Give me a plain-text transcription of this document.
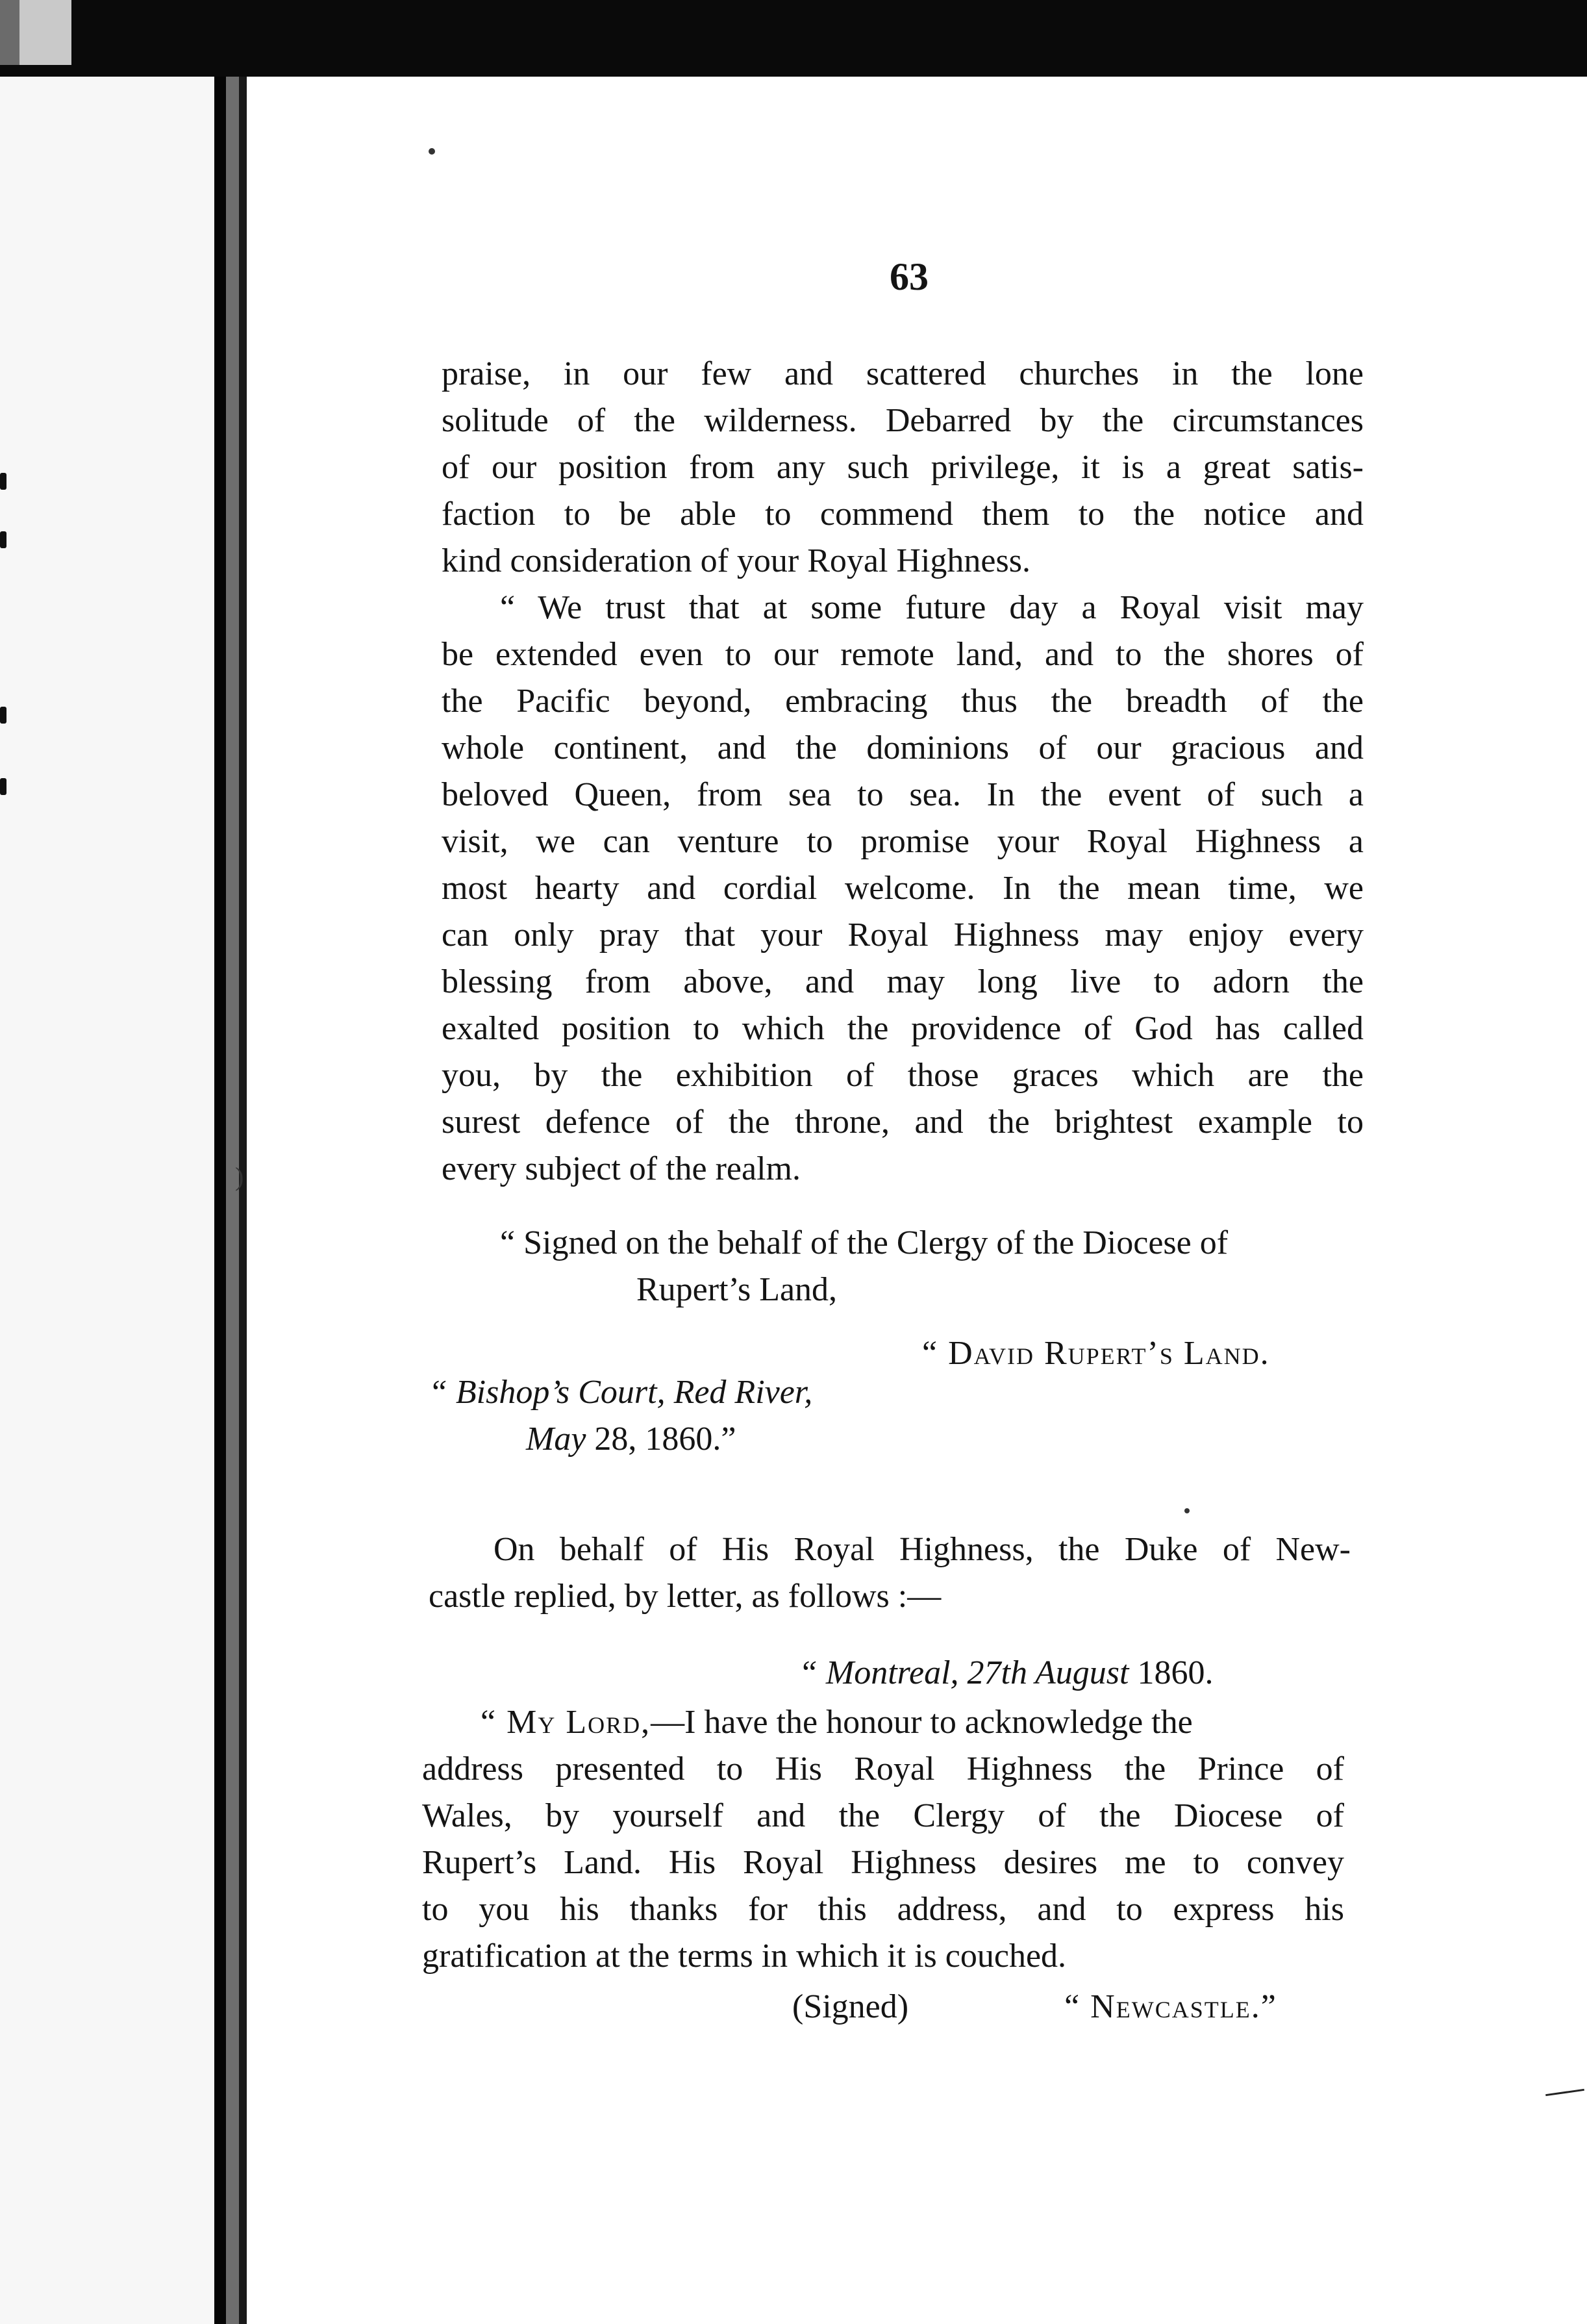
)
63
praise, in our few and scattered churches in the lone
solitude of the wilderness. Debarred by the circumstances
of our position from any such privilege, it is a great satis-
faction to be able to commend them to the notice and
kind consideration of your Royal Highness.
“ We trust that at some future day a Royal visit may
be extended even to our remote land, and to the shores of
the Pacific beyond, embracing thus the breadth of the
whole continent, and the dominions of our gracious and
beloved Queen, from sea to sea. In the event of such a
visit, we can venture to promise your Royal Highness a
most hearty and cordial welcome. In the mean time, we
can only pray that your Royal Highness may enjoy every
blessing from above, and may long live to adorn the
exalted position to which the providence of God has called
you, by the exhibition of those graces which are the
surest defence of the throne, and the brightest example to
every subject of the realm.
“ Signed on the behalf of the Clergy of the Diocese of
Rupert’s Land,
“ David Rupert’s Land.
“ Bishop’s Court, Red River,
May 28, 1860.”
On behalf of His Royal Highness, the Duke of New-
castle replied, by letter, as follows :—
“ Montreal, 27th August 1860.
“ My Lord,—I have the honour to acknowledge the
address presented to His Royal Highness the Prince of
Wales, by yourself and the Clergy of the Diocese of
Rupert’s Land. His Royal Highness desires me to convey
to you his thanks for this address, and to express his
gratification at the terms in which it is couched.
(Signed)	“ Newcastle.”
